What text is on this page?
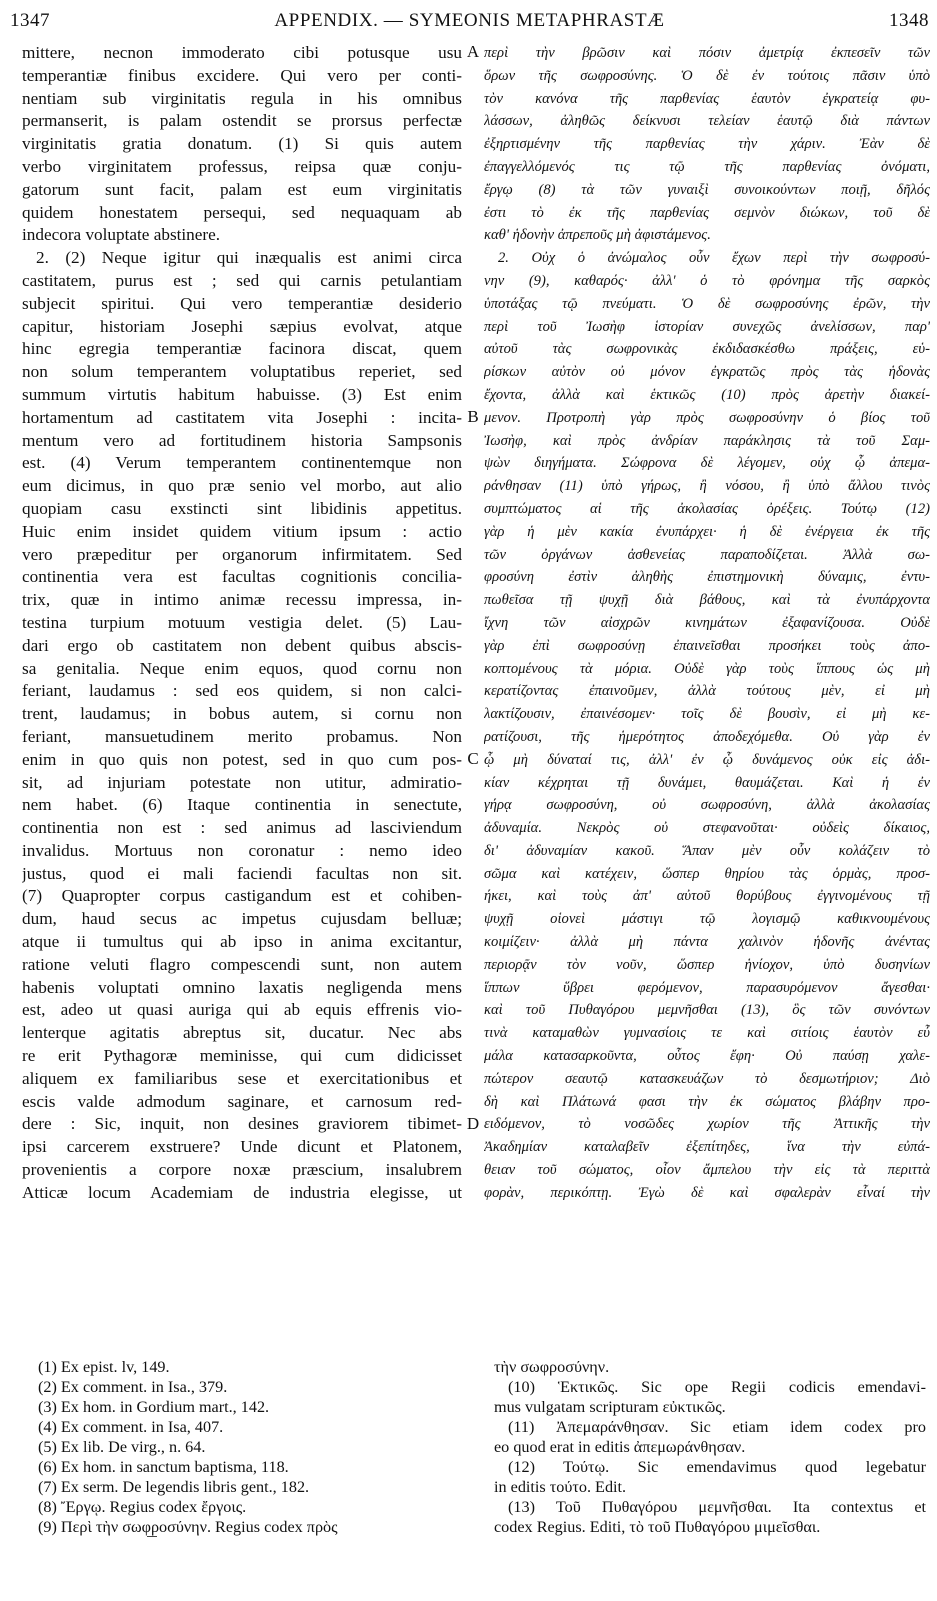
1347	APPENDIX. — SYMEONIS METAPHRASTÆ	1348
mittere, necnon immoderato cibi potusque usu
temperantiæ finibus excidere. Qui vero per conti-
nentiam sub virginitatis regula in his omnibus
permanserit, is palam ostendit se prorsus perfectæ
virginitatis gratia donatum. (1) Si quis autem
verbo virginitatem professus, reipsa quæ conju-
gatorum sunt facit, palam est eum virginitatis
quidem honestatem persequi, sed nequaquam ab
indecora voluptate abstinere.
2. (2) Neque igitur qui inæqualis est animi circa
castitatem, purus est ; sed qui carnis petulantiam
subjecit spiritui. Qui vero temperantiæ desiderio
capitur, historiam Josephi sæpius evolvat, atque
hinc egregia temperantiæ facinora discat, quem
non solum temperantem voluptatibus reperiet, sed
summum virtutis habitum habuisse. (3) Est enim
hortamentum ad castitatem vita Josephi : incita-
mentum vero ad fortitudinem historia Sampsonis
est. (4) Verum temperantem continentemque non
eum dicimus, in quo præ senio vel morbo, aut alio
quopiam casu exstincti sint libidinis appetitus.
Huic enim insidet quidem vitium ipsum : actio
vero præpeditur per organorum infirmitatem. Sed
continentia vera est facultas cognitionis concilia-
trix, quæ in intimo animæ recessu impressa, in-
testina turpium motuum vestigia delet. (5) Lau-
dari ergo ob castitatem non debent quibus abscis-
sa genitalia. Neque enim equos, quod cornu non
feriant, laudamus : sed eos quidem, si non calci-
trent, laudamus; in bobus autem, si cornu non
feriant, mansuetudinem merito probamus. Non
enim in quo quis non potest, sed in quo cum pos-
sit, ad injuriam potestate non utitur, admiratio-
nem habet. (6) Itaque continentia in senectute,
continentia non est : sed animus ad lasciviendum
invalidus. Mortuus non coronatur : nemo ideo
justus, quod ei mali faciendi facultas non sit.
(7) Quapropter corpus castigandum est et cohiben-
dum, haud secus ac impetus cujusdam belluæ;
atque ii tumultus qui ab ipso in anima excitantur,
ratione veluti flagro compescendi sunt, non autem
habenis voluptati omnino laxatis negligenda mens
est, adeo ut quasi auriga qui ab equis effrenis vio-
lenterque agitatis abreptus sit, ducatur. Nec abs
re erit Pythagoræ meminisse, qui cum didicisset
aliquem ex familiaribus sese et exercitationibus et
escis valde admodum saginare, et carnosum red-
dere : Sic, inquit, non desines graviorem tibimet-
ipsi carcerem exstruere? Unde dicunt et Platonem,
provenientis a corpore noxæ præscium, insalubrem
Atticæ locum Academiam de industria elegisse, ut
περὶ τὴν βρῶσιν καὶ πόσιν ἀμετρίᾳ ἐκπεσεῖν τῶν
ὅρων τῆς σωφροσύνης. Ὁ δὲ ἐν τούτοις πᾶσιν ὑπὸ
τὸν κανόνα τῆς παρθενίας ἑαυτὸν ἐγκρατείᾳ φυ-
λάσσων, ἀληθῶς δείκνυσι τελείαν ἑαυτῷ διὰ πάντων
ἐξηρτισμένην τῆς παρθενίας τὴν χάριν. Ἐὰν δὲ
ἐπαγγελλόμενός τις τῷ τῆς παρθενίας ὀνόματι,
ἔργῳ (8) τὰ τῶν γυναιξὶ συνοικούντων ποιῇ, δῆλός
ἐστι τὸ ἐκ τῆς παρθενίας σεμνὸν διώκων, τοῦ δὲ
καθ' ἡδονὴν ἀπρεποῦς μὴ ἀφιστάμενος.
2. Οὐχ ὁ ἀνώμαλος οὖν ἔχων περὶ τὴν σωφροσύ-
νην (9), καθαρός· ἀλλ' ὁ τὸ φρόνημα τῆς σαρκὸς
ὑποτάξας τῷ πνεύματι. Ὁ δὲ σωφροσύνης ἐρῶν, τὴν
περὶ τοῦ Ἰωσὴφ ἱστορίαν συνεχῶς ἀνελίσσων, παρ'
αὐτοῦ τὰς σωφρονικὰς ἐκδιδασκέσθω πράξεις, εὑ-
ρίσκων αὐτὸν οὐ μόνον ἐγκρατῶς πρὸς τὰς ἡδονὰς
ἔχοντα, ἀλλὰ καὶ ἑκτικῶς (10) πρὸς ἀρετὴν διακεί-
μενον. Προτροπὴ γὰρ πρὸς σωφροσύνην ὁ βίος τοῦ
Ἰωσὴφ, καὶ πρὸς ἀνδρίαν παράκλησις τὰ τοῦ Σαμ-
ψὼν διηγήματα. Σώφρονα δὲ λέγομεν, οὐχ ᾧ ἀπεμα-
ράνθησαν (11) ὑπὸ γήρως, ἢ νόσου, ἢ ὑπὸ ἄλλου τινὸς
συμπτώματος αἱ τῆς ἀκολασίας ὀρέξεις. Τούτῳ (12)
γὰρ ἡ μὲν κακία ἐνυπάρχει· ἡ δὲ ἐνέργεια ἐκ τῆς
τῶν ὀργάνων ἀσθενείας παραποδίζεται. Ἀλλὰ σω-
φροσύνη ἐστὶν ἀληθὴς ἐπιστημονικὴ δύναμις, ἐντυ-
πωθεῖσα τῇ ψυχῇ διὰ βάθους, καὶ τὰ ἐνυπάρχοντα
ἴχνη τῶν αἰσχρῶν κινημάτων ἐξαφανίζουσα. Οὐδὲ
γὰρ ἐπὶ σωφροσύνῃ ἐπαινεῖσθαι προσήκει τοὺς ἀπο-
κοπτομένους τὰ μόρια. Οὐδὲ γὰρ τοὺς ἵππους ὡς μὴ
κερατίζοντας ἐπαινοῦμεν, ἀλλὰ τούτους μὲν, εἰ μὴ
λακτίζουσιν, ἐπαινέσομεν· τοῖς δὲ βουσὶν, εἰ μὴ κε-
ρατίζουσι, τῆς ἡμερότητος ἀποδεχόμεθα. Οὐ γὰρ ἐν
ᾧ μὴ δύναταί τις, ἀλλ' ἐν ᾧ δυνάμενος οὐκ εἰς ἀδι-
κίαν κέχρηται τῇ δυνάμει, θαυμάζεται. Καὶ ἡ ἐν
γήρᾳ σωφροσύνη, οὐ σωφροσύνη, ἀλλὰ ἀκολασίας
ἀδυναμία. Νεκρὸς οὐ στεφανοῦται· οὐδεὶς δίκαιος,
δι' ἀδυναμίαν κακοῦ. Ἅπαν μὲν οὖν κολάζειν τὸ
σῶμα καὶ κατέχειν, ὥσπερ θηρίου τὰς ὁρμὰς, προσ-
ήκει, καὶ τοὺς ἀπ' αὐτοῦ θορύβους ἐγγινομένους τῇ
ψυχῇ οἱονεὶ μάστιγι τῷ λογισμῷ καθικνουμένους
κοιμίζειν· ἀλλὰ μὴ πάντα χαλινὸν ἡδονῆς ἀνέντας
περιορᾷν τὸν νοῦν, ὥσπερ ἡνίοχον, ὑπὸ δυσηνίων
ἵππων ὕβρει φερόμενον, παρασυρόμενον ἄγεσθαι·
καὶ τοῦ Πυθαγόρου μεμνῆσθαι (13), ὃς τῶν συνόντων
τινὰ καταμαθὼν γυμνασίοις τε καὶ σιτίοις ἑαυτὸν εὖ
μάλα κατασαρκοῦντα, οὗτος ἔφη· Οὐ παύσῃ χαλε-
πώτερον σεαυτῷ κατασκευάζων τὸ δεσμωτήριον; Διὸ
δὴ καὶ Πλάτωνά φασι τὴν ἐκ σώματος βλάβην προ-
ειδόμενον, τὸ νοσῶδες χωρίον τῆς Ἀττικῆς τὴν
Ἀκαδημίαν καταλαβεῖν ἐξεπίτηδες, ἵνα τὴν εὐπά-
θειαν τοῦ σώματος, οἷον ἄμπελου τὴν εἰς τὰ περιττὰ
φορὰν, περικόπτῃ. Ἐγὼ δὲ καὶ σφαλερὰν εἶναί τὴν
A
B
C
D
(1) Ex epist. lv, 149.
(2) Ex comment. in Isa., 379.
(3) Ex hom. in Gordium mart., 142.
(4) Ex comment. in Isa, 407.
(5) Ex lib. De virg., n. 64.
(6) Ex hom. in sanctum baptisma, 118.
(7) Ex serm. De legendis libris gent., 182.
(8) Ἔργῳ. Regius codex ἔργοις.
(9) Περὶ τὴν σωφροσύνην. Regius codex πρὸς
τὴν σωφροσύνην.
(10) Ἑκτικῶς. Sic ope Regii codicis emendavi-
mus vulgatam scripturam εὐκτικῶς.
(11) Ἀπεμαράνθησαν. Sic etiam idem codex pro
eo quod erat in editis ἀπεμωράνθησαν.
(12) Τούτῳ. Sic emendavimus quod legebatur
in editis τούτο. Edit.
(13) Τοῦ Πυθαγόρου μεμνῆσθαι. Ita contextus et
codex Regius. Editi, τὸ τοῦ Πυθαγόρου μιμεῖσθαι.
